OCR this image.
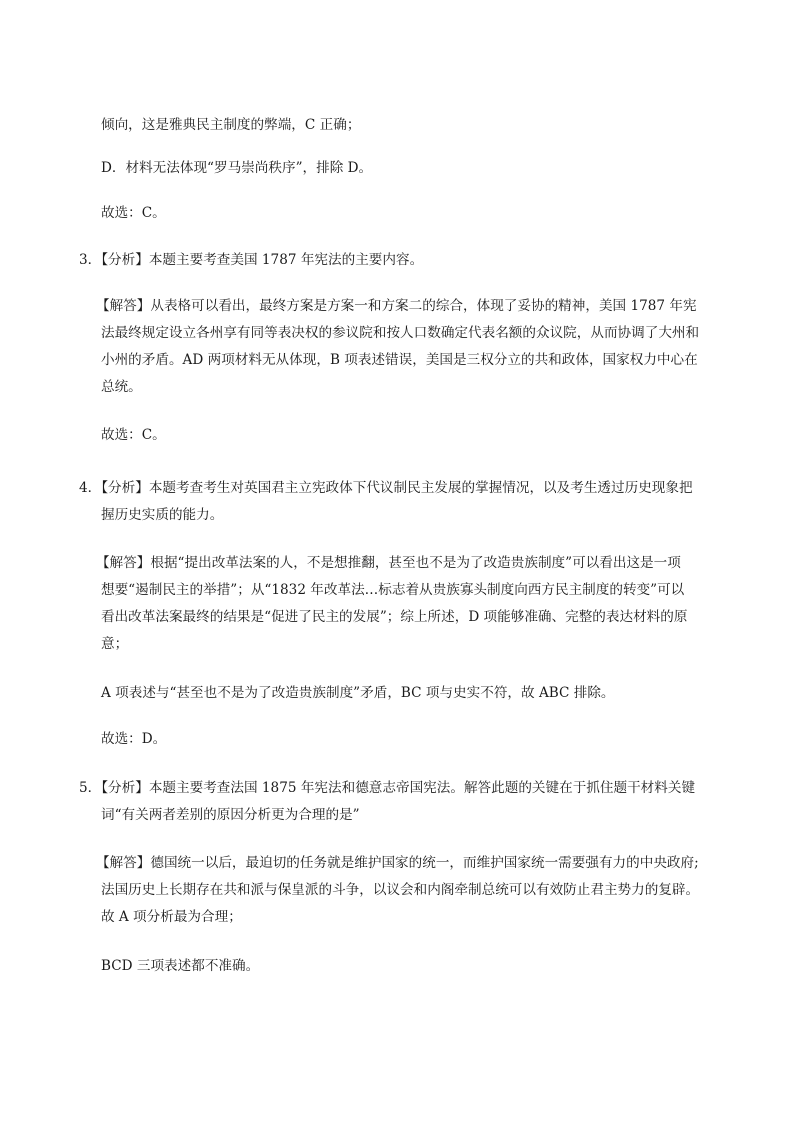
倾向，这是雅典民主制度的弊端，C 正确；
D．材料无法体现“罗马崇尚秩序”，排除 D。
故选：C。
3．【分析】本题主要考查美国 1787 年宪法的主要内容。
【解答】从表格可以看出，最终方案是方案一和方案二的综合，体现了妥协的精神，美国 1787 年宪
法最终规定设立各州享有同等表决权的参议院和按人口数确定代表名额的众议院，从而协调了大州和
小州的矛盾。AD 两项材料无从体现，B 项表述错误，美国是三权分立的共和政体，国家权力中心在
总统。
故选：C。
4．【分析】本题考查考生对英国君主立宪政体下代议制民主发展的掌握情况，以及考生透过历史现象把
握历史实质的能力。
【解答】根据“提出改革法案的人，不是想推翻，甚至也不是为了改造贵族制度”可以看出这是一项
想要“遏制民主的举措”；从“1832 年改革法…标志着从贵族寡头制度向西方民主制度的转变”可以
看出改革法案最终的结果是“促进了民主的发展”；综上所述，D 项能够准确、完整的表达材料的原
意；
A 项表述与“甚至也不是为了改造贵族制度”矛盾，BC 项与史实不符，故 ABC 排除。
故选：D。
5．【分析】本题主要考查法国 1875 年宪法和德意志帝国宪法。解答此题的关键在于抓住题干材料关键
词“有关两者差别的原因分析更为合理的是”
【解答】德国统一以后，最迫切的任务就是维护国家的统一，而维护国家统一需要强有力的中央政府;
法国历史上长期存在共和派与保皇派的斗争，以议会和内阁牵制总统可以有效防止君主势力的复辟。
故 A 项分析最为合理；
BCD 三项表述都不准确。
